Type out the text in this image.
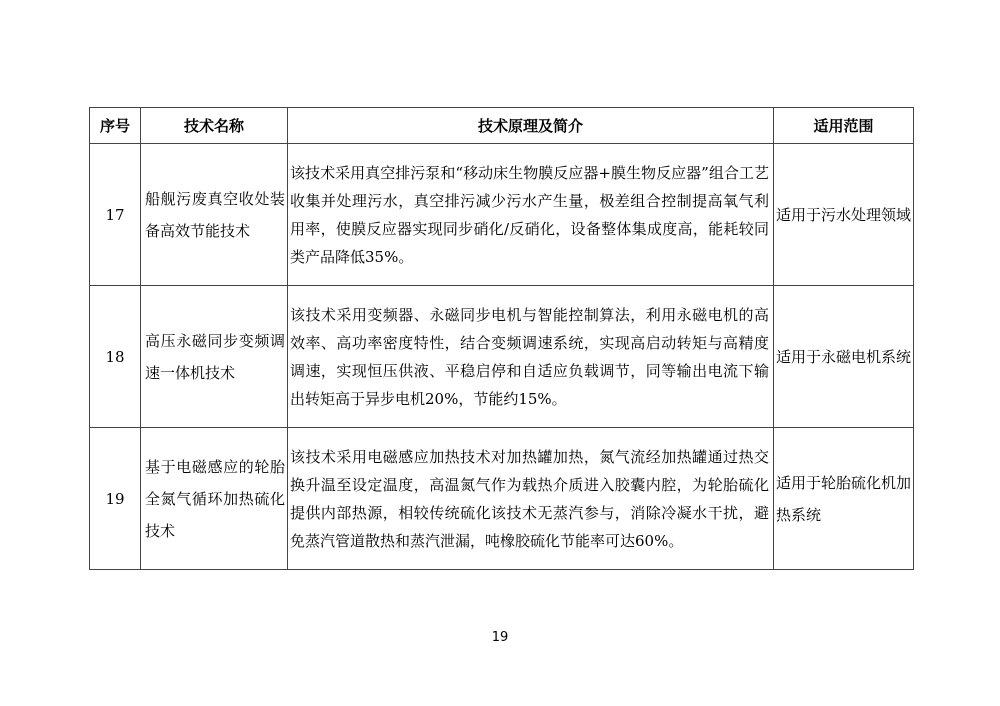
序号	技术名称	技术原理及简介	适用范围
17	船舰污废真空收处装备高效节能技术	该技术采用真空排污泵和“移动床生物膜反应器+膜生物反应器”组合工艺收集并处理污水，真空排污减少污水产生量，极差组合控制提高氧气利用率，使膜反应器实现同步硝化/反硝化，设备整体集成度高，能耗较同类产品降低35%。	适用于污水处理领域
18	高压永磁同步变频调速一体机技术	该技术采用变频器、永磁同步电机与智能控制算法，利用永磁电机的高效率、高功率密度特性，结合变频调速系统，实现高启动转矩与高精度调速，实现恒压供液、平稳启停和自适应负载调节，同等输出电流下输出转矩高于异步电机20%，节能约15%。	适用于永磁电机系统
19	基于电磁感应的轮胎全氮气循环加热硫化技术	该技术采用电磁感应加热技术对加热罐加热，氮气流经加热罐通过热交换升温至设定温度，高温氮气作为载热介质进入胶囊内腔，为轮胎硫化提供内部热源，相较传统硫化该技术无蒸汽参与，消除冷凝水干扰，避免蒸汽管道散热和蒸汽泄漏，吨橡胶硫化节能率可达60%。	适用于轮胎硫化机加热系统
19
